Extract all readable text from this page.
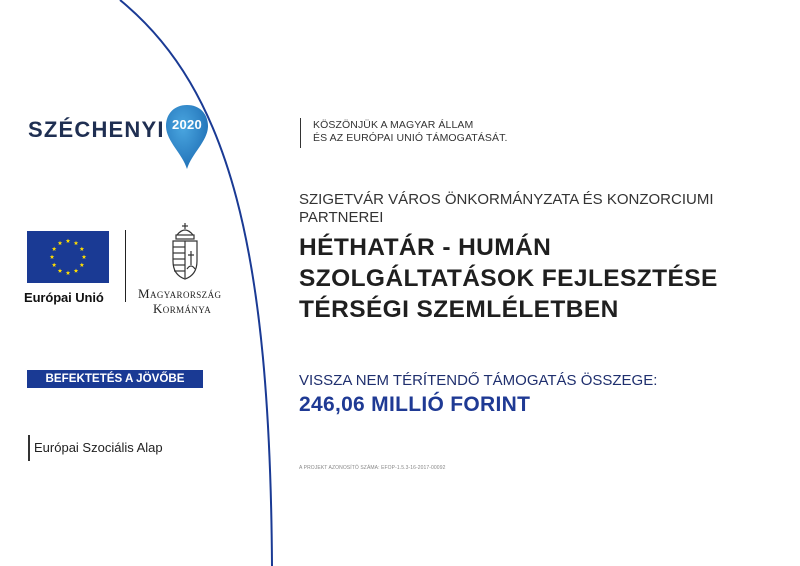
SZÉCHENYI 2020
Európai Unió	Magyarország
Kormánya
BEFEKTETÉS A JÖVŐBE
Európai Szociális Alap
KÖSZÖNJÜK A MAGYAR ÁLLAM
ÉS AZ EURÓPAI UNIÓ TÁMOGATÁSÁT.
SZIGETVÁR VÁROS ÖNKORMÁNYZATA ÉS KONZORCIUMI PARTNEREI
HÉTHATÁR - HUMÁN SZOLGÁLTATÁSOK FEJLESZTÉSE TÉRSÉGI SZEMLÉLETBEN
VISSZA NEM TÉRÍTENDŐ TÁMOGATÁS ÖSSZEGE:
246,06 MILLIÓ FORINT
A PROJEKT AZONOSÍTÓ SZÁMA: EFOP-1.5.3-16-2017-00092
